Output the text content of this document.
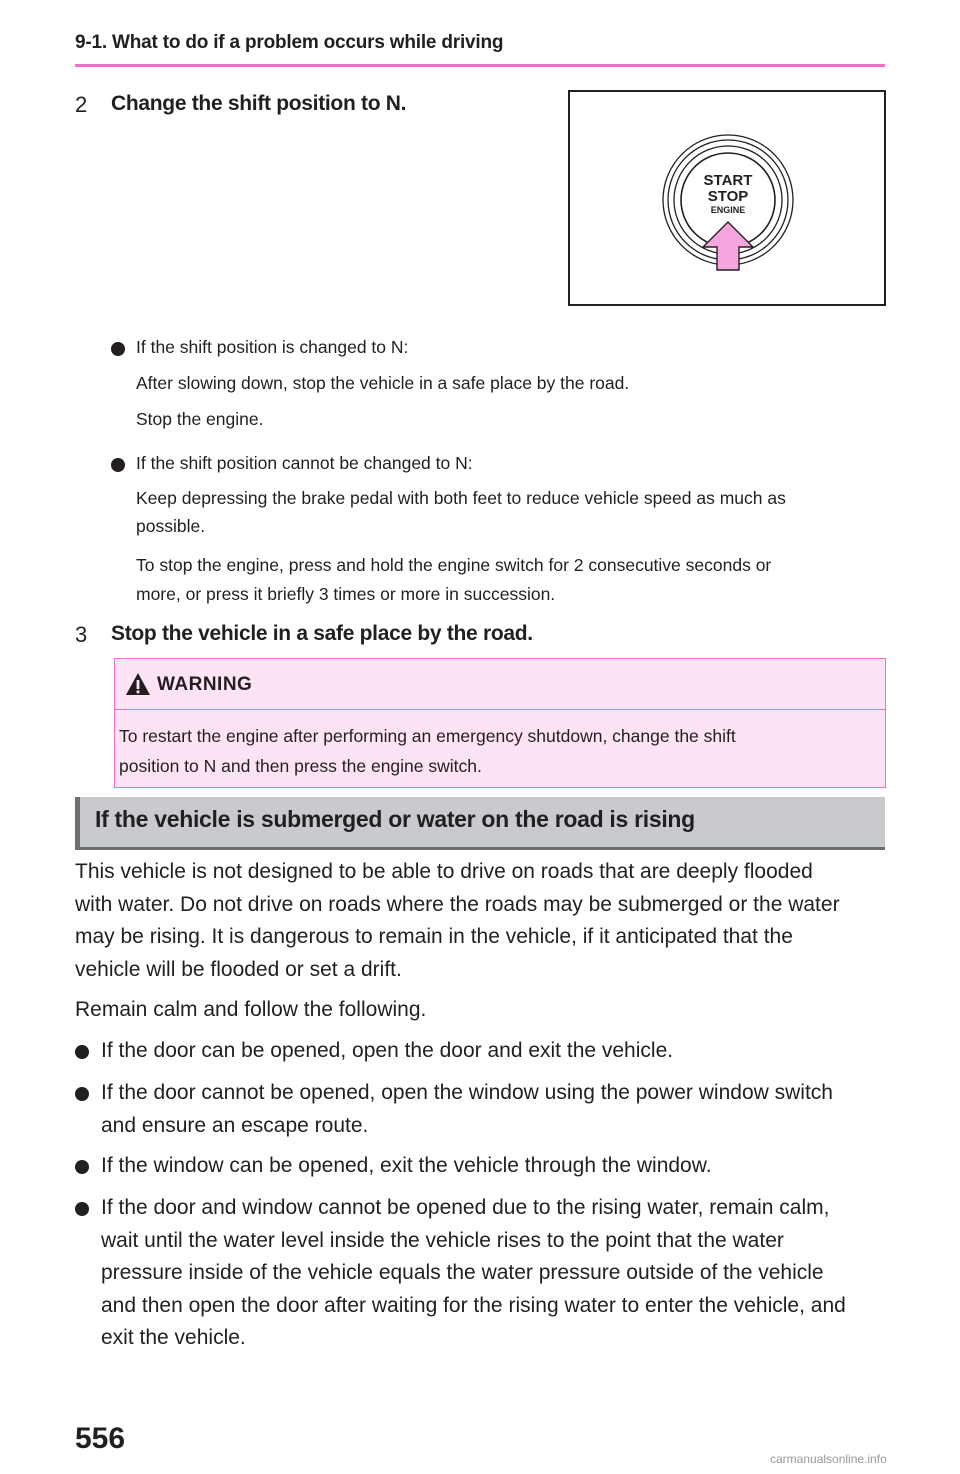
9-1. What to do if a problem occurs while driving
2 Change the shift position to N.
START
STOP
ENGINE
If the shift position is changed to N:
After slowing down, stop the vehicle in a safe place by the road.
Stop the engine.
If the shift position cannot be changed to N:
Keep depressing the brake pedal with both feet to reduce vehicle speed as much as
possible.
To stop the engine, press and hold the engine switch for 2 consecutive seconds or
more, or press it briefly 3 times or more in succession.
3 Stop the vehicle in a safe place by the road.
WARNING
To restart the engine after performing an emergency shutdown, change the shift
position to N and then press the engine switch.
If the vehicle is submerged or water on the road is rising
This vehicle is not designed to be able to drive on roads that are deeply flooded
with water. Do not drive on roads where the roads may be submerged or the water
may be rising. It is dangerous to remain in the vehicle, if it anticipated that the
vehicle will be flooded or set a drift.
Remain calm and follow the following.
If the door can be opened, open the door and exit the vehicle.
If the door cannot be opened, open the window using the power window switch
and ensure an escape route.
If the window can be opened, exit the vehicle through the window.
If the door and window cannot be opened due to the rising water, remain calm,
wait until the water level inside the vehicle rises to the point that the water
pressure inside of the vehicle equals the water pressure outside of the vehicle
and then open the door after waiting for the rising water to enter the vehicle, and
exit the vehicle.
556
carmanualsonline.info
